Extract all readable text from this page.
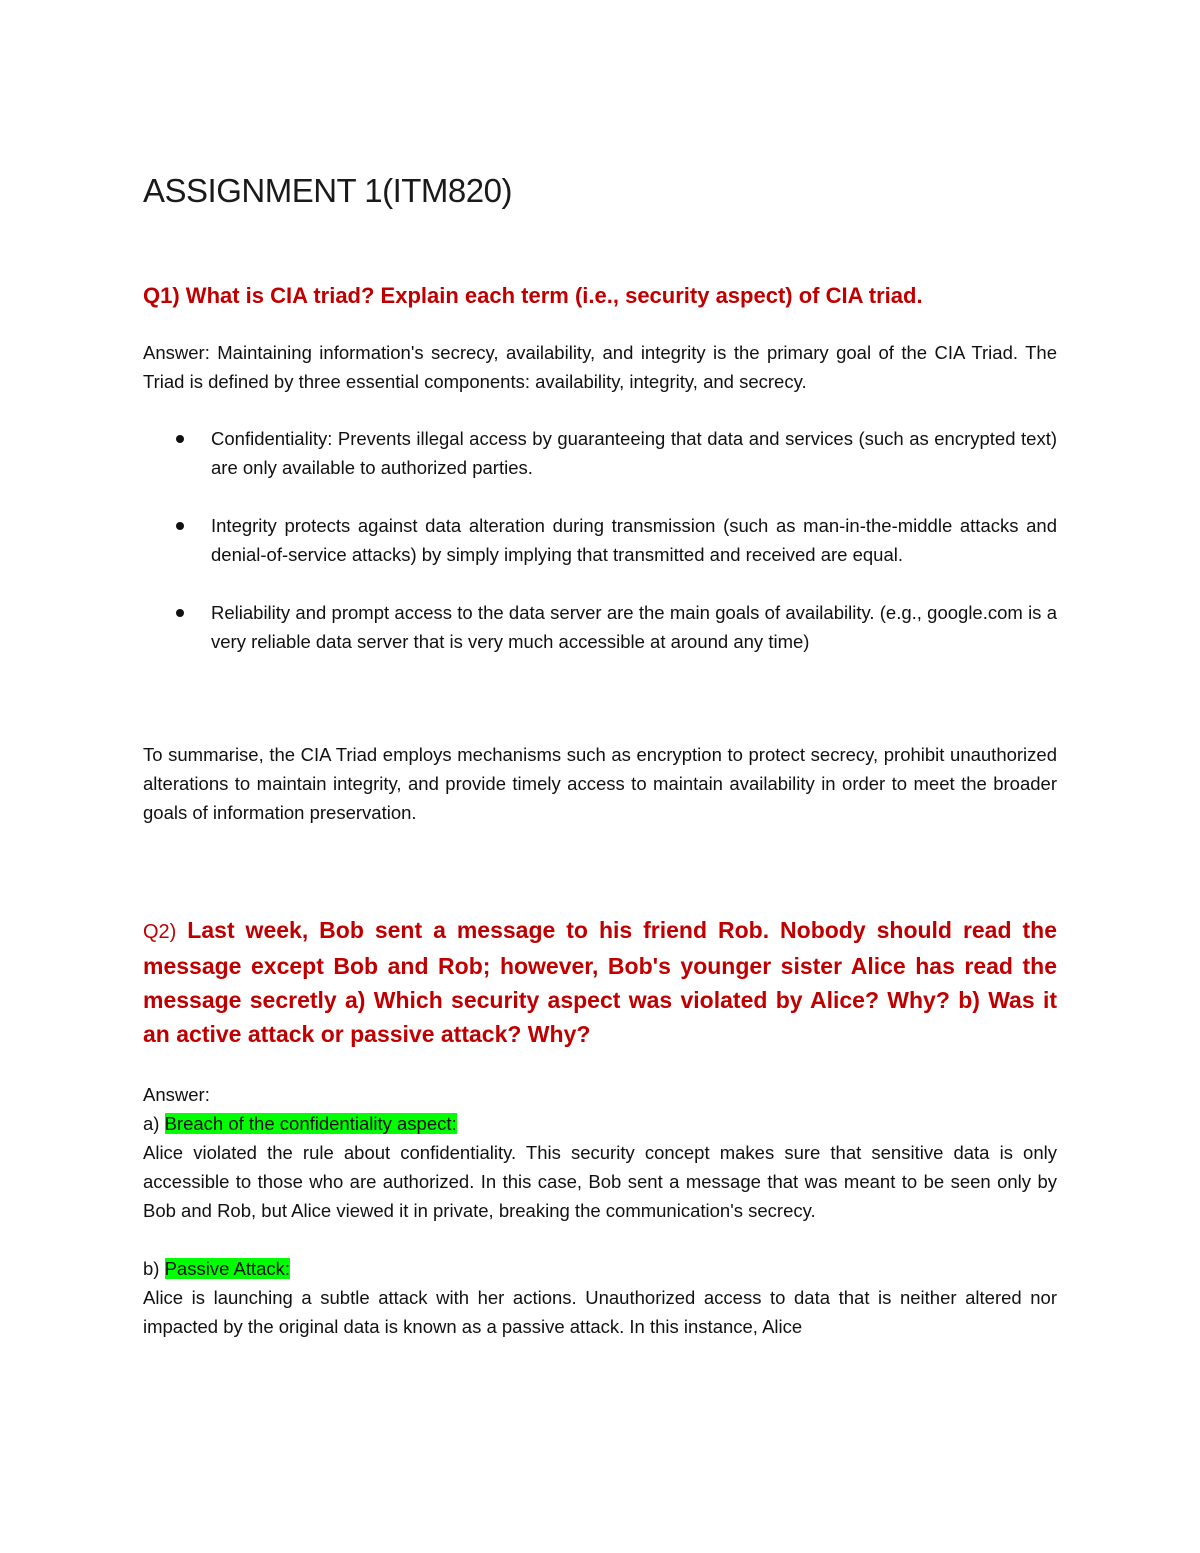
ASSIGNMENT 1(ITM820)
Q1) What is CIA triad? Explain each term (i.e., security aspect) of CIA triad.

Answer: Maintaining information's secrecy, availability, and integrity is the primary goal of the CIA Triad. The Triad is defined by three essential components: availability, integrity, and secrecy.

Confidentiality: Prevents illegal access by guaranteeing that data and services (such as encrypted text) are only available to authorized parties.
Integrity protects against data alteration during transmission (such as man-in-the-middle attacks and denial-of-service attacks) by simply implying that transmitted and received are equal.
Reliability and prompt access to the data server are the main goals of availability. (e.g., google.com is a very reliable data server that is very much accessible at around any time)

To summarise, the CIA Triad employs mechanisms such as encryption to protect secrecy, prohibit unauthorized alterations to maintain integrity, and provide timely access to maintain availability in order to meet the broader goals of information preservation.

Q2) Last week, Bob sent a message to his friend Rob. Nobody should read the message except Bob and Rob; however, Bob's younger sister Alice has read the message secretly a) Which security aspect was violated by Alice? Why? b) Was it an active attack or passive attack? Why?

Answer:

a) Breach of the confidentiality aspect:

Alice violated the rule about confidentiality. This security concept makes sure that sensitive data is only accessible to those who are authorized. In this case, Bob sent a message that was meant to be seen only by Bob and Rob, but Alice viewed it in private, breaking the communication's secrecy.

b) Passive Attack:

Alice is launching a subtle attack with her actions. Unauthorized access to data that is neither altered nor impacted by the original data is known as a passive attack. In this instance, Alice
